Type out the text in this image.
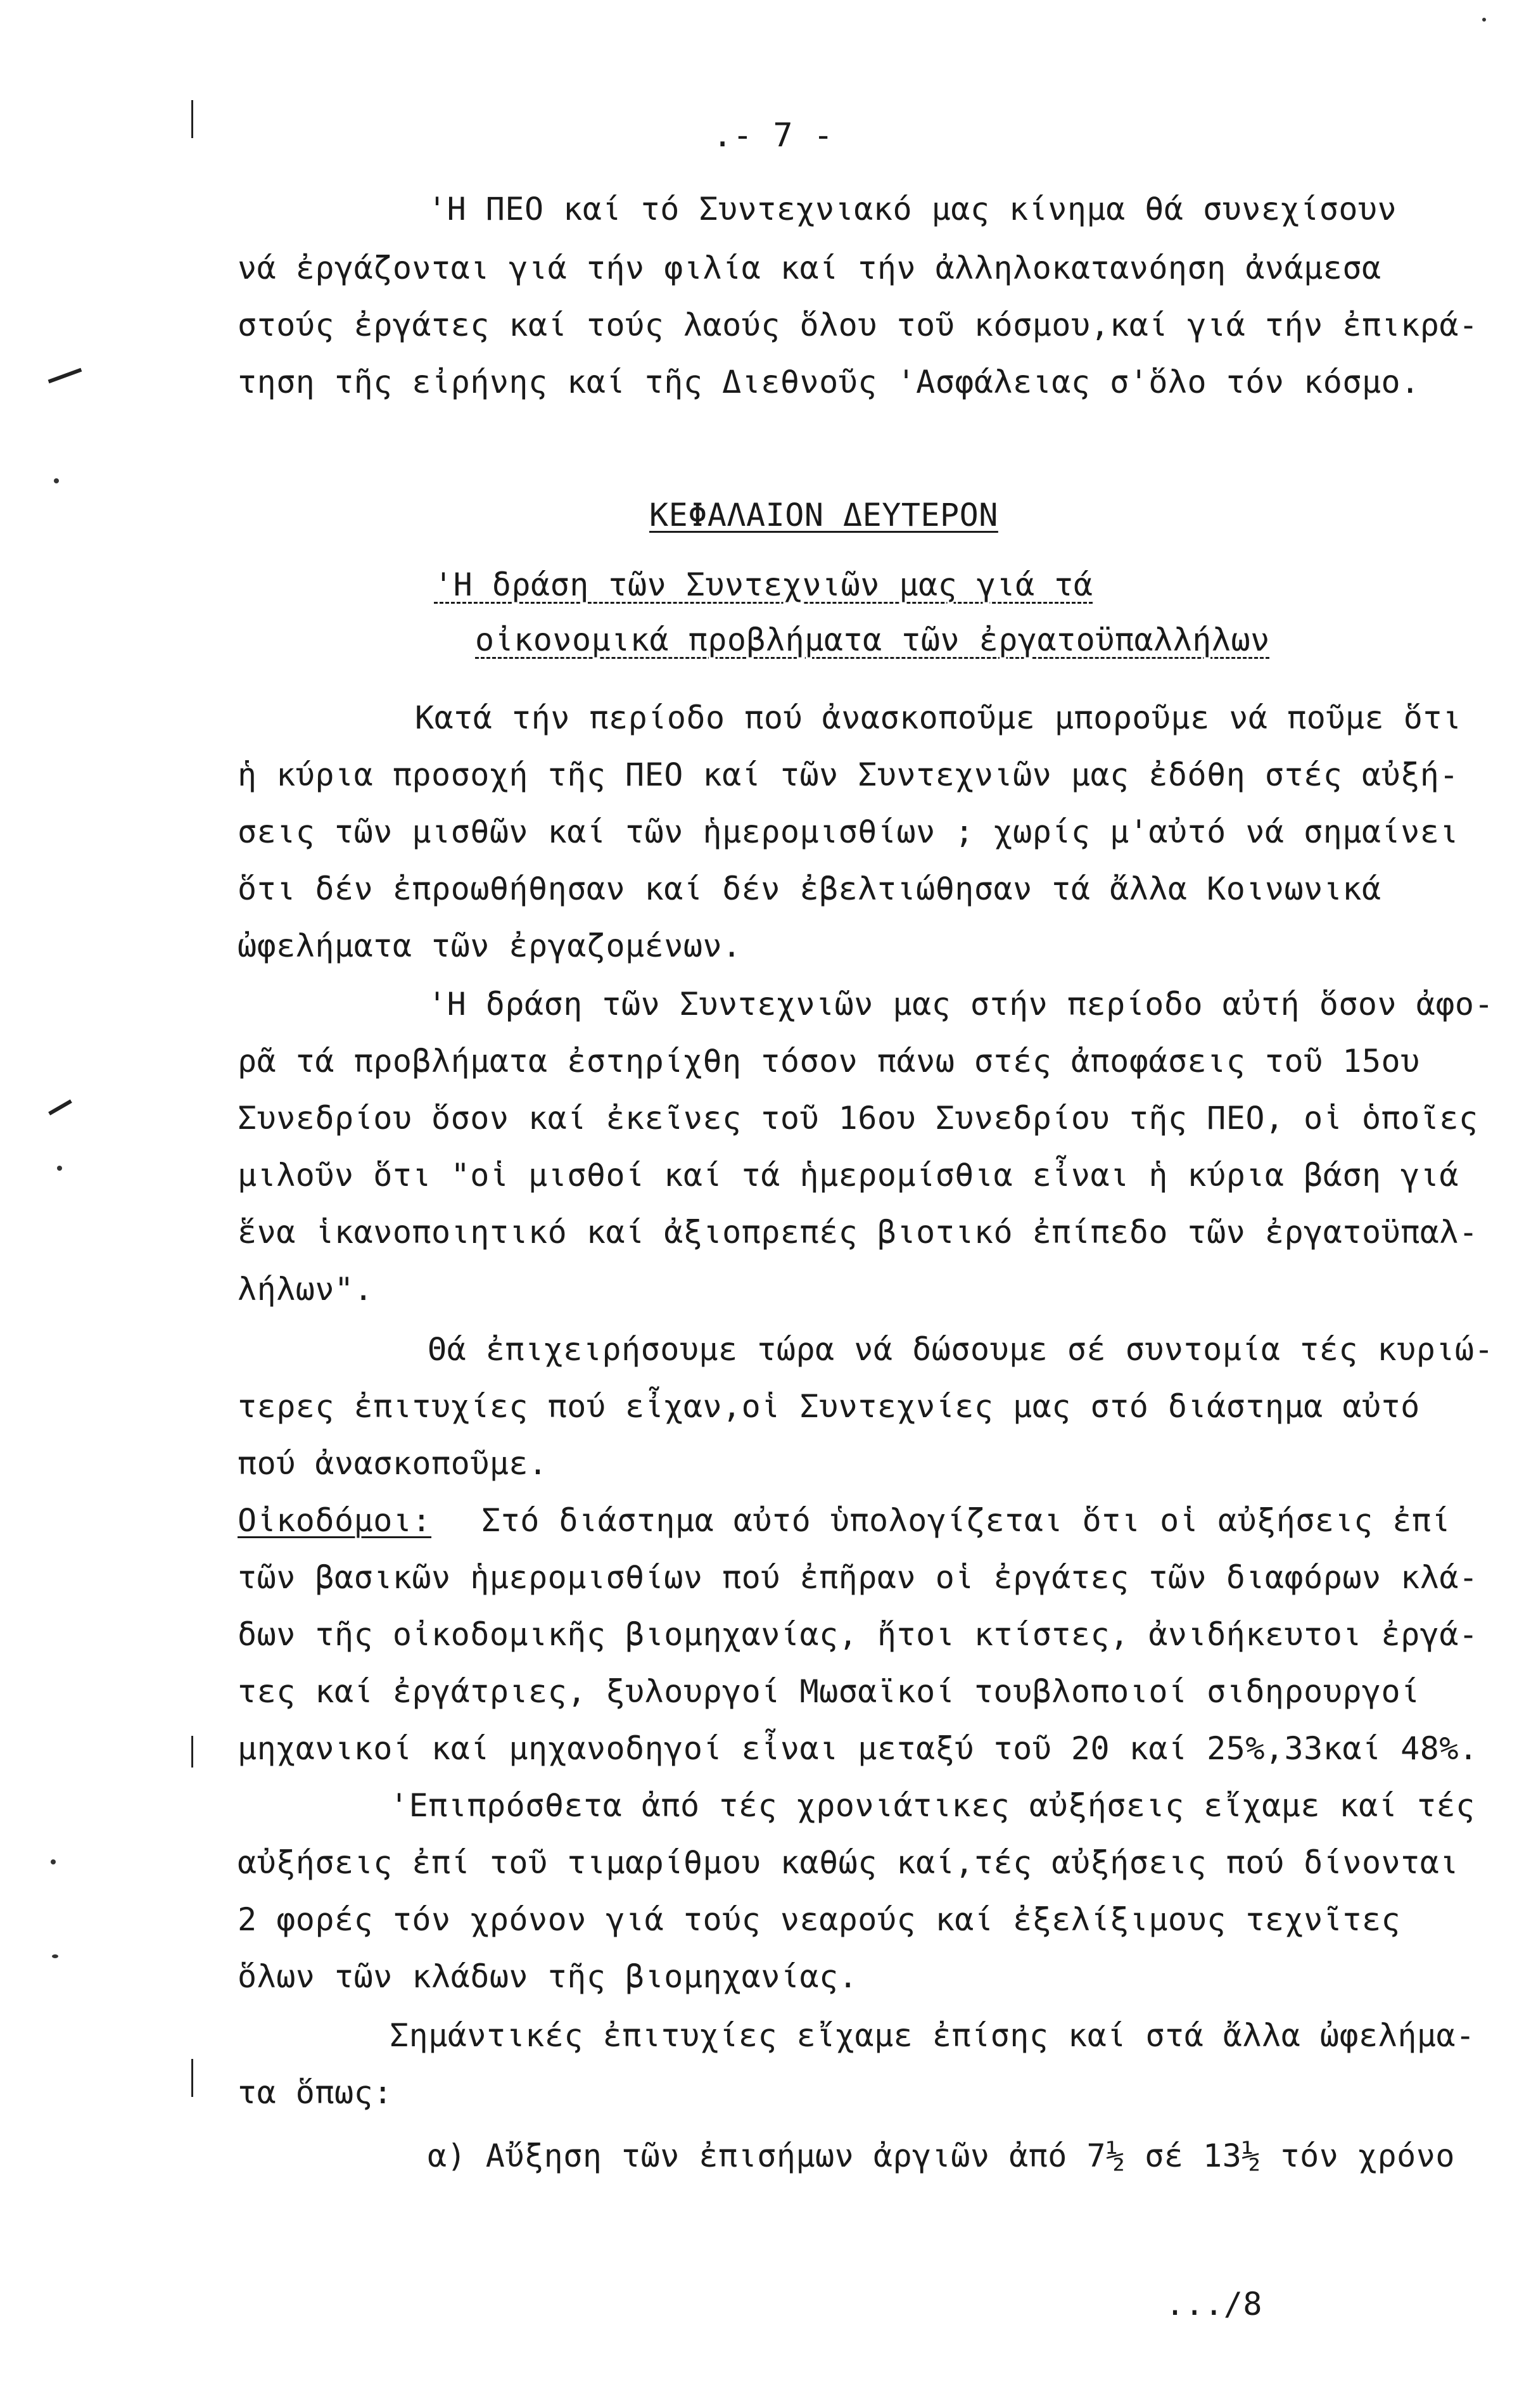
.- 7 -
'Η ΠΕΟ καί τό Συντεχνιακό μας κίνημα θά συνεχίσουν
νά ἐργάζονται γιά τήν φιλία καί τήν ἀλληλοκατανόηση ἀνάμεσα
στούς ἐργάτες καί τούς λαούς ὅλου τοῦ κόσμου,καί γιά τήν ἐπικρά-
τηση τῆς εἰρήνης καί τῆς Διεθνοῦς 'Ασφάλειας σ'ὅλο τόν κόσμο.
ΚΕΦΑΛΑΙΟΝ ΔΕΥΤΕΡΟΝ
'Η δράση τῶν Συντεχνιῶν μας γιά τά
οἰκονομικά προβλήματα τῶν ἐργατοϋπαλλήλων
Κατά τήν περίοδο πού ἀνασκοποῦμε μποροῦμε νά ποῦμε ὅτι
ἡ κύρια προσοχή τῆς ΠΕΟ καί τῶν Συντεχνιῶν μας ἐδόθη στές αὐξή-
σεις τῶν μισθῶν καί τῶν ἡμερομισθίων ; χωρίς μ'αὐτό νά σημαίνει
ὅτι δέν ἐπροωθήθησαν καί δέν ἐβελτιώθησαν τά ἄλλα Κοινωνικά
ὠφελήματα τῶν ἐργαζομένων.
'Η δράση τῶν Συντεχνιῶν μας στήν περίοδο αὐτή ὅσον ἀφο-
ρᾶ τά προβλήματα ἐστηρίχθη τόσον πάνω στές ἀποφάσεις τοῦ 15ου
Συνεδρίου ὅσον καί ἐκεῖνες τοῦ 16ου Συνεδρίου τῆς ΠΕΟ, οἱ ὁποῖες
μιλοῦν ὅτι "οἱ μισθοί καί τά ἡμερομίσθια εἶναι ἡ κύρια βάση γιά
ἕνα ἱκανοποιητικό καί ἀξιοπρεπές βιοτικό ἐπίπεδο τῶν ἐργατοϋπαλ-
λήλων".
Θά ἐπιχειρήσουμε τώρα νά δώσουμε σέ συντομία τές κυριώ-
τερες ἐπιτυχίες πού εἶχαν,οἱ Συντεχνίες μας στό διάστημα αὐτό
πού ἀνασκοποῦμε.
Οἰκοδόμοι: Στό διάστημα αὐτό ὑπολογίζεται ὅτι οἱ αὐξήσεις ἐπί
τῶν βασικῶν ἡμερομισθίων πού ἐπῆραν οἱ ἐργάτες τῶν διαφόρων κλά-
δων τῆς οἰκοδομικῆς βιομηχανίας, ἤτοι κτίστες, ἀνιδήκευτοι ἐργά-
τες καί ἐργάτριες, ξυλουργοί Μωσαϊκοί τουβλοποιοί σιδηρουργοί
μηχανικοί καί μηχανοδηγοί εἶναι μεταξύ τοῦ 20 καί 25%,33καί 48%.
'Επιπρόσθετα ἀπό τές χρονιάτικες αὐξήσεις εἴχαμε καί τές
αὐξήσεις ἐπί τοῦ τιμαρίθμου καθώς καί,τές αὐξήσεις πού δίνονται
2 φορές τόν χρόνον γιά τούς νεαρούς καί ἐξελίξιμους τεχνῖτες
ὅλων τῶν κλάδων τῆς βιομηχανίας.
Σημάντικές ἐπιτυχίες εἴχαμε ἐπίσης καί στά ἄλλα ὠφελήμα-
τα ὅπως:
α) Αὔξηση τῶν ἐπισήμων ἀργιῶν ἀπό 7½ σέ 13½ τόν χρόνο
.../8
